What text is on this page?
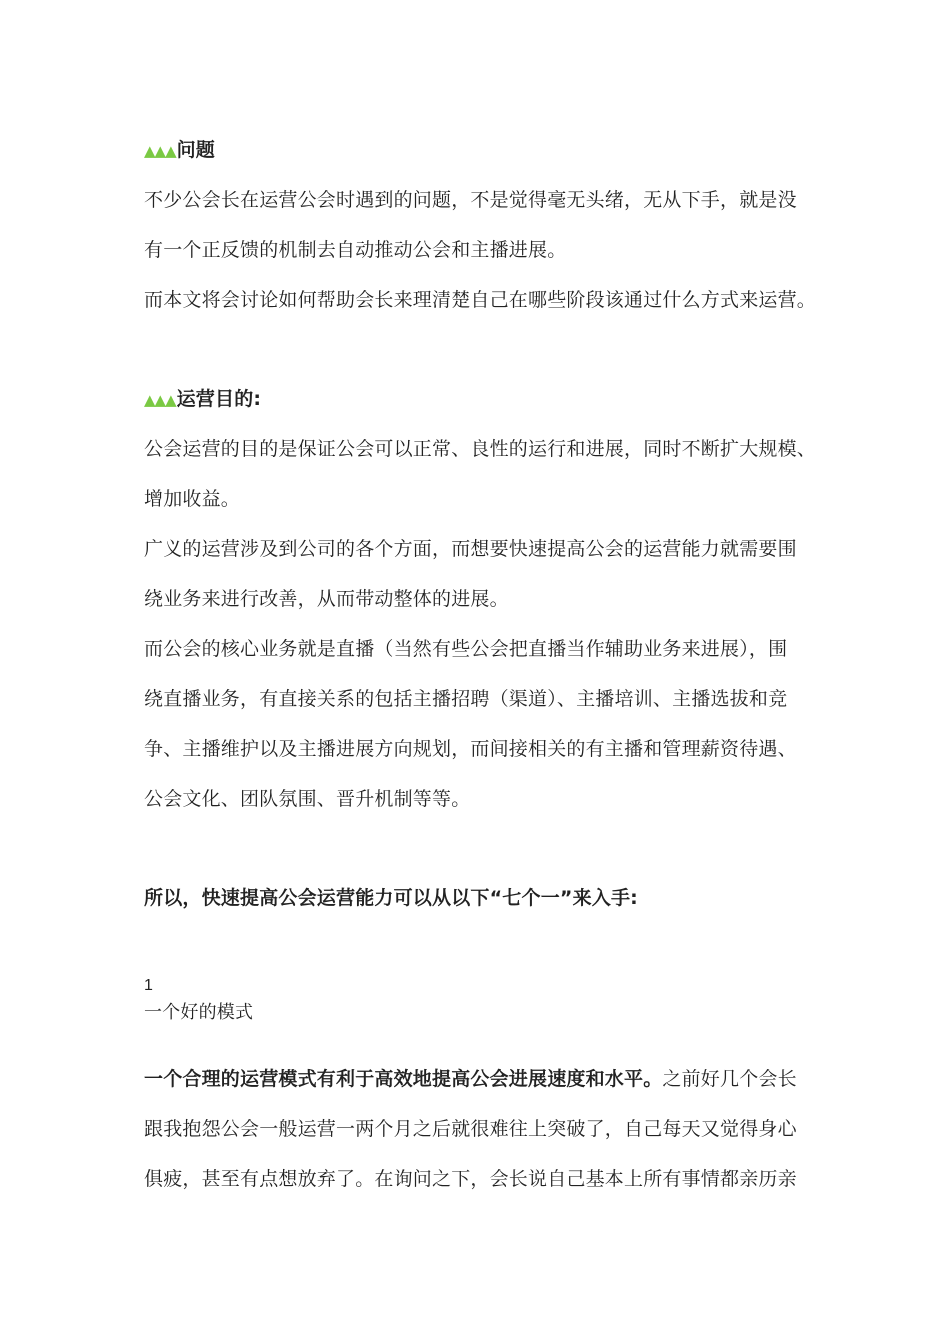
▲▲▲问题
不少公会长在运营公会时遇到的问题，不是觉得毫无头绪，无从下手，就是没
有一个正反馈的机制去自动推动公会和主播进展。
而本文将会讨论如何帮助会长来理清楚自己在哪些阶段该通过什么方式来运营。
▲▲▲运营目的:
公会运营的目的是保证公会可以正常、良性的运行和进展，同时不断扩大规模、
增加收益。
广义的运营涉及到公司的各个方面，而想要快速提高公会的运营能力就需要围
绕业务来进行改善，从而带动整体的进展。
而公会的核心业务就是直播（当然有些公会把直播当作辅助业务来进展），围
绕直播业务，有直接关系的包括主播招聘（渠道）、主播培训、主播选拔和竞
争、主播维护以及主播进展方向规划，而间接相关的有主播和管理薪资待遇、
公会文化、团队氛围、晋升机制等等。
所以，快速提高公会运营能力可以从以下“七个一”来入手:
1
一个好的模式
一个合理的运营模式有利于高效地提高公会进展速度和水平。之前好几个会长
跟我抱怨公会一般运营一两个月之后就很难往上突破了，自己每天又觉得身心
俱疲，甚至有点想放弃了。在询问之下，会长说自己基本上所有事情都亲历亲
